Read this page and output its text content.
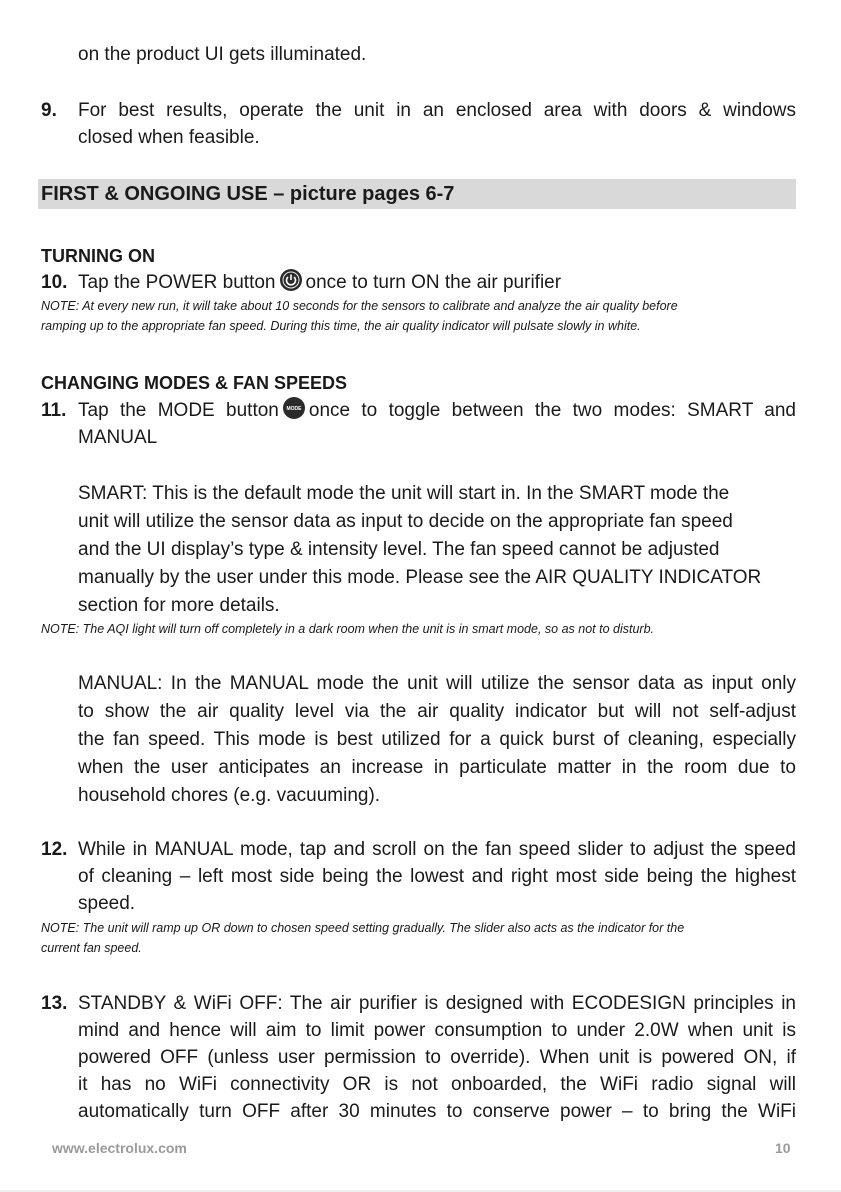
on the product UI gets illuminated.

9. For best results, operate the unit in an enclosed area with doors & windows

closed when feasible.

FIRST & ONGOING USE – picture pages 6-7

TURNING ON

10. Tap the POWER button once to turn ON the air purifier

NOTE: At every new run, it will take about 10 seconds for the sensors to calibrate and analyze the air quality before

ramping up to the appropriate fan speed. During this time, the air quality indicator will pulsate slowly in white.

CHANGING MODES & FAN SPEEDS

11. Tap the MODE button MODE once to toggle between the two modes: SMART and

MANUAL

SMART: This is the default mode the unit will start in. In the SMART mode the

unit will utilize the sensor data as input to decide on the appropriate fan speed

and the UI display’s type & intensity level. The fan speed cannot be adjusted

manually by the user under this mode. Please see the AIR QUALITY INDICATOR

section for more details.

NOTE: The AQI light will turn off completely in a dark room when the unit is in smart mode, so as not to disturb.

MANUAL: In the MANUAL mode the unit will utilize the sensor data as input only

to show the air quality level via the air quality indicator but will not self-adjust

the fan speed. This mode is best utilized for a quick burst of cleaning, especially

when the user anticipates an increase in particulate matter in the room due to

household chores (e.g. vacuuming).

12. While in MANUAL mode, tap and scroll on the fan speed slider to adjust the speed

of cleaning – left most side being the lowest and right most side being the highest

speed.

NOTE: The unit will ramp up OR down to chosen speed setting gradually. The slider also acts as the indicator for the

current fan speed.

13. STANDBY & WiFi OFF: The air purifier is designed with ECODESIGN principles in

mind and hence will aim to limit power consumption to under 2.0W when unit is

powered OFF (unless user permission to override). When unit is powered ON, if

it has no WiFi connectivity OR is not onboarded, the WiFi radio signal will

automatically turn OFF after 30 minutes to conserve power – to bring the WiFi

www.electrolux.com	10
